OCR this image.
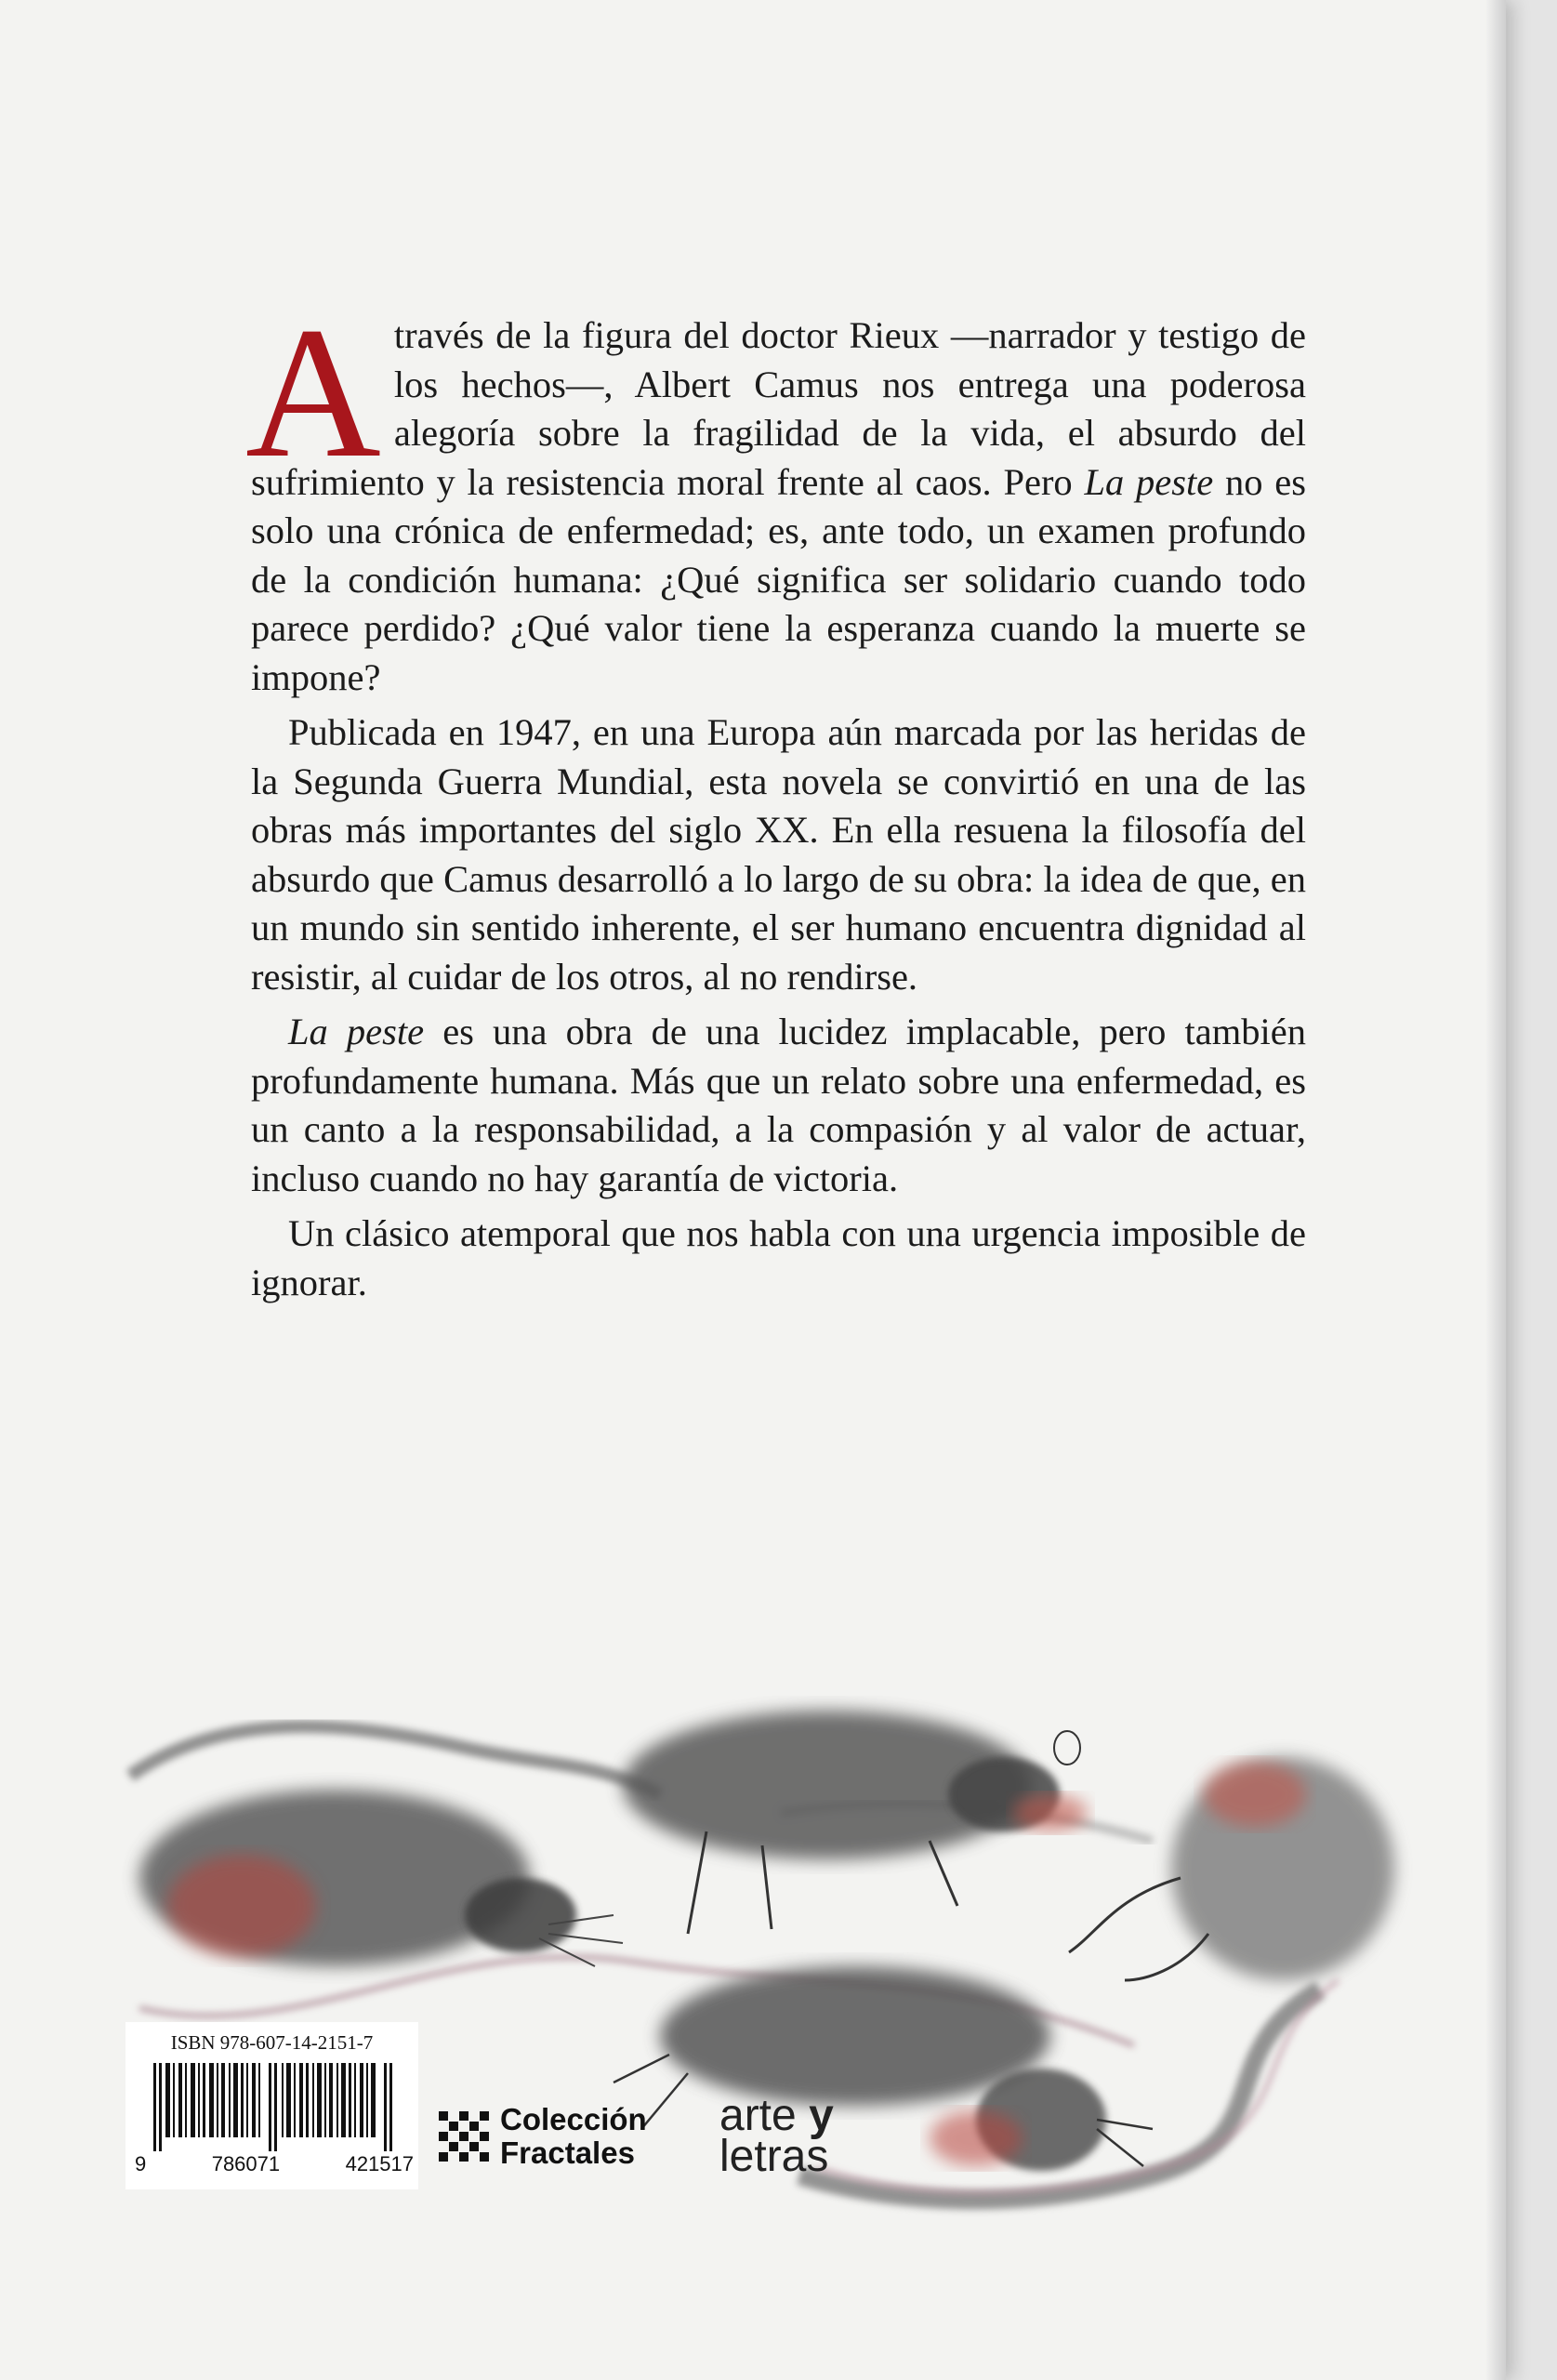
Através de la figura del doctor Rieux —narrador y testigo de los hechos—, Albert Camus nos entrega una poderosa alegoría sobre la fragilidad de la vida, el absurdo del sufrimiento y la resistencia moral frente al caos. Pero La peste no es solo una crónica de enfermedad; es, ante todo, un examen profundo de la condición humana: ¿Qué significa ser solidario cuando todo parece perdido? ¿Qué valor tiene la esperanza cuando la muerte se impone?

Publicada en 1947, en una Europa aún marcada por las heridas de la Segunda Guerra Mundial, esta novela se convirtió en una de las obras más importantes del siglo XX. En ella resuena la filosofía del absurdo que Camus desarrolló a lo largo de su obra: la idea de que, en un mundo sin sentido inherente, el ser humano encuentra dignidad al resistir, al cuidar de los otros, al no rendirse.

La peste es una obra de una lucidez implacable, pero también profundamente humana. Más que un relato sobre una enfermedad, es un canto a la responsabilidad, a la compasión y al valor de actuar, incluso cuando no hay garantía de victoria.

Un clásico atemporal que nos habla con una urgencia imposible de ignorar.

ISBN 978-607-14-2151-7
9	786071	421517
Colección
Fractales
arte y
letras
